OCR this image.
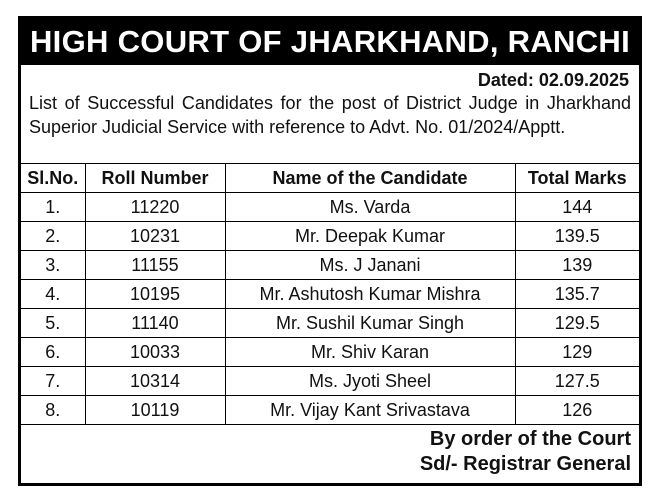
HIGH COURT OF JHARKHAND, RANCHI
Dated: 02.09.2025
List of Successful Candidates for the post of District Judge in Jharkhand Superior Judicial Service with reference to Advt. No. 01/2024/Apptt.
Sl.No.	Roll Number	Name of the Candidate	Total Marks
1.	11220	Ms. Varda	144
2.	10231	Mr. Deepak Kumar	139.5
3.	11155	Ms. J Janani	139
4.	10195	Mr. Ashutosh Kumar Mishra	135.7
5.	11140	Mr. Sushil Kumar Singh	129.5
6.	10033	Mr. Shiv Karan	129
7.	10314	Ms. Jyoti Sheel	127.5
8.	10119	Mr. Vijay Kant Srivastava	126
By order of the Court
Sd/- Registrar General
